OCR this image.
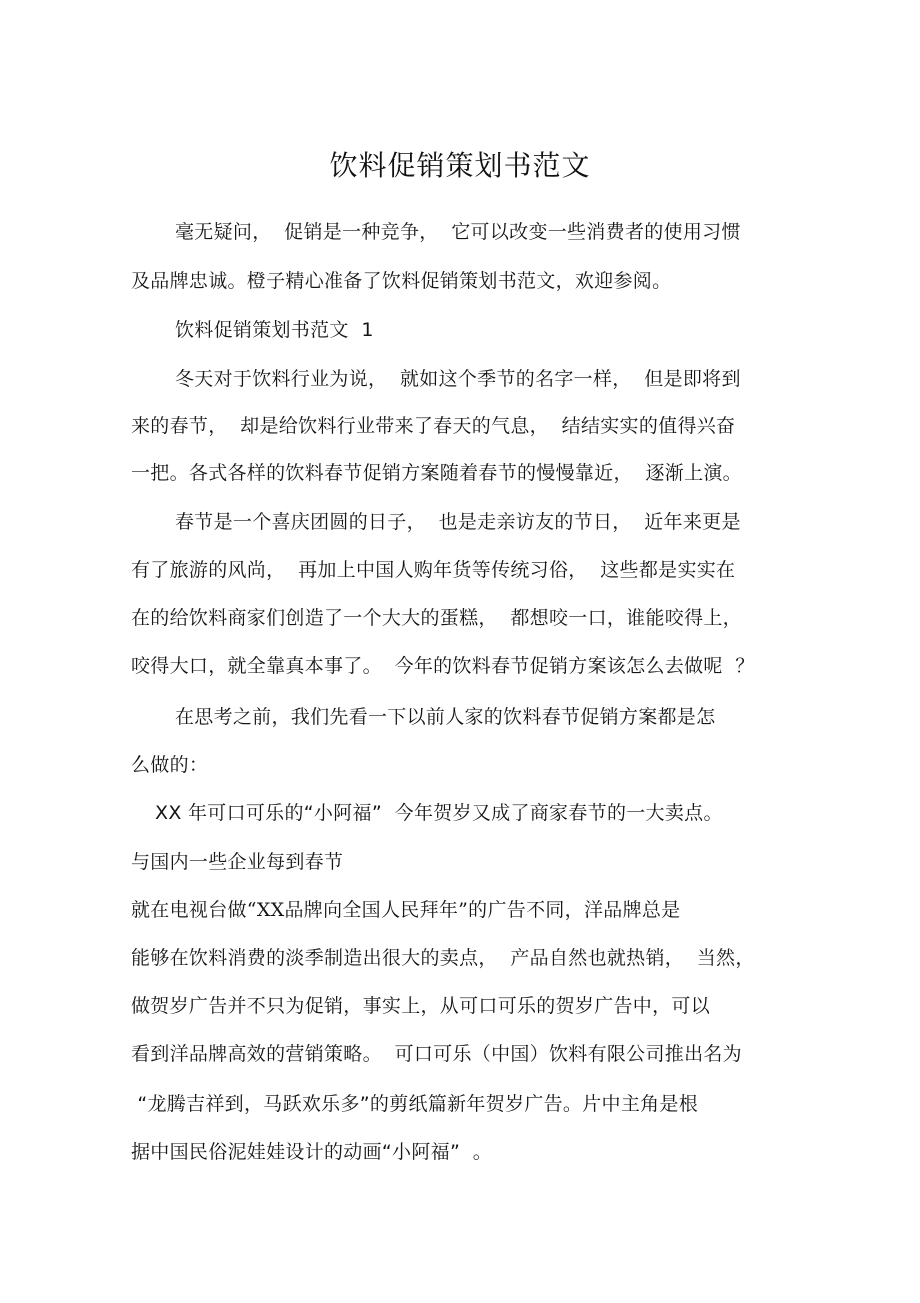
饮料促销策划书范文
毫无疑问，  促销是一种竞争，  它可以改变一些消费者的使用习惯
及品牌忠诚。橙子精心准备了饮料促销策划书范文，欢迎参阅。
饮料促销策划书范文  1
冬天对于饮料行业为说，  就如这个季节的名字一样，  但是即将到
来的春节，  却是给饮料行业带来了春天的气息，  结结实实的值得兴奋
一把。各式各样的饮料春节促销方案随着春节的慢慢靠近，  逐渐上演。
春节是一个喜庆团圆的日子，  也是走亲访友的节日，  近年来更是
有了旅游的风尚，  再加上中国人购年货等传统习俗，  这些都是实实在
在的给饮料商家们创造了一个大大的蛋糕，  都想咬一口，谁能咬得上，
咬得大口，就全靠真本事了。  今年的饮料春节促销方案该怎么去做呢  ？
在思考之前，我们先看一下以前人家的饮料春节促销方案都是怎
么做的：
XX 年可口可乐的“小阿福”  今年贺岁又成了商家春节的一大卖点。
与国内一些企业每到春节
就在电视台做“XX品牌向全国人民拜年”的广告不同，洋品牌总是
能够在饮料消费的淡季制造出很大的卖点，  产品自然也就热销，  当然，
做贺岁广告并不只为促销，事实上，从可口可乐的贺岁广告中，可以
看到洋品牌高效的营销策略。  可口可乐（中国）饮料有限公司推出名为
“龙腾吉祥到，马跃欢乐多”的剪纸篇新年贺岁广告。片中主角是根
据中国民俗泥娃娃设计的动画“小阿福”  。
